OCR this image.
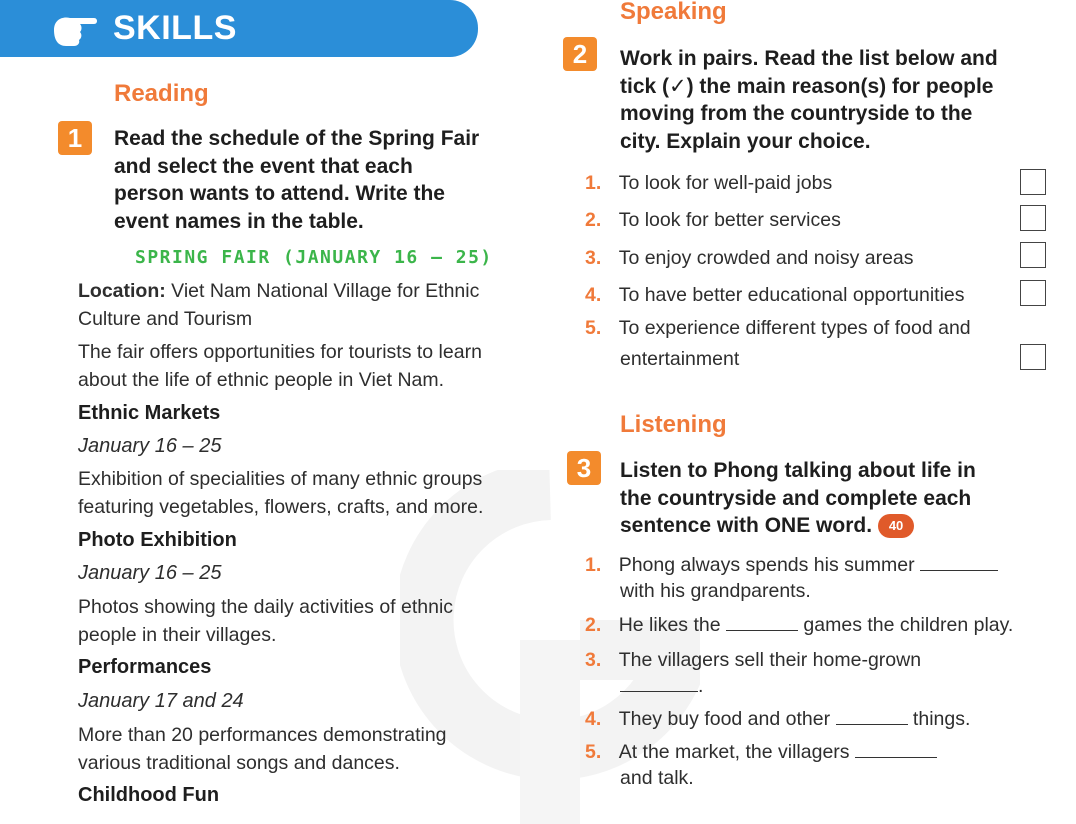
SKILLS
Reading
1	Read the schedule of the Spring Fair
and select the event that each
person wants to attend. Write the
event names in the table.
SPRING FAIR (JANUARY 16 – 25)
Location: Viet Nam National Village for Ethnic
Culture and Tourism
The fair offers opportunities for tourists to learn
about the life of ethnic people in Viet Nam.
Ethnic Markets
January 16 – 25
Exhibition of specialities of many ethnic groups
featuring vegetables, flowers, crafts, and more.
Photo Exhibition
January 16 – 25
Photos showing the daily activities of ethnic
people in their villages.
Performances
January 17 and 24
More than 20 performances demonstrating
various traditional songs and dances.
Childhood Fun
Speaking
2	Work in pairs. Read the list below and
tick (✓) the main reason(s) for people
moving from the countryside to the
city. Explain your choice.
1. To look for well-paid jobs
2. To look for better services
3. To enjoy crowded and noisy areas
4. To have better educational opportunities
5. To experience different types of food and
entertainment
Listening
3	Listen to Phong talking about life in
the countryside and complete each
sentence with ONE word. 40
1. Phong always spends his summer
with his grandparents.
2. He likes the	games the children play.
3. The villagers sell their home-grown
.
4. They buy food and other	things.
5. At the market, the villagers
and talk.
